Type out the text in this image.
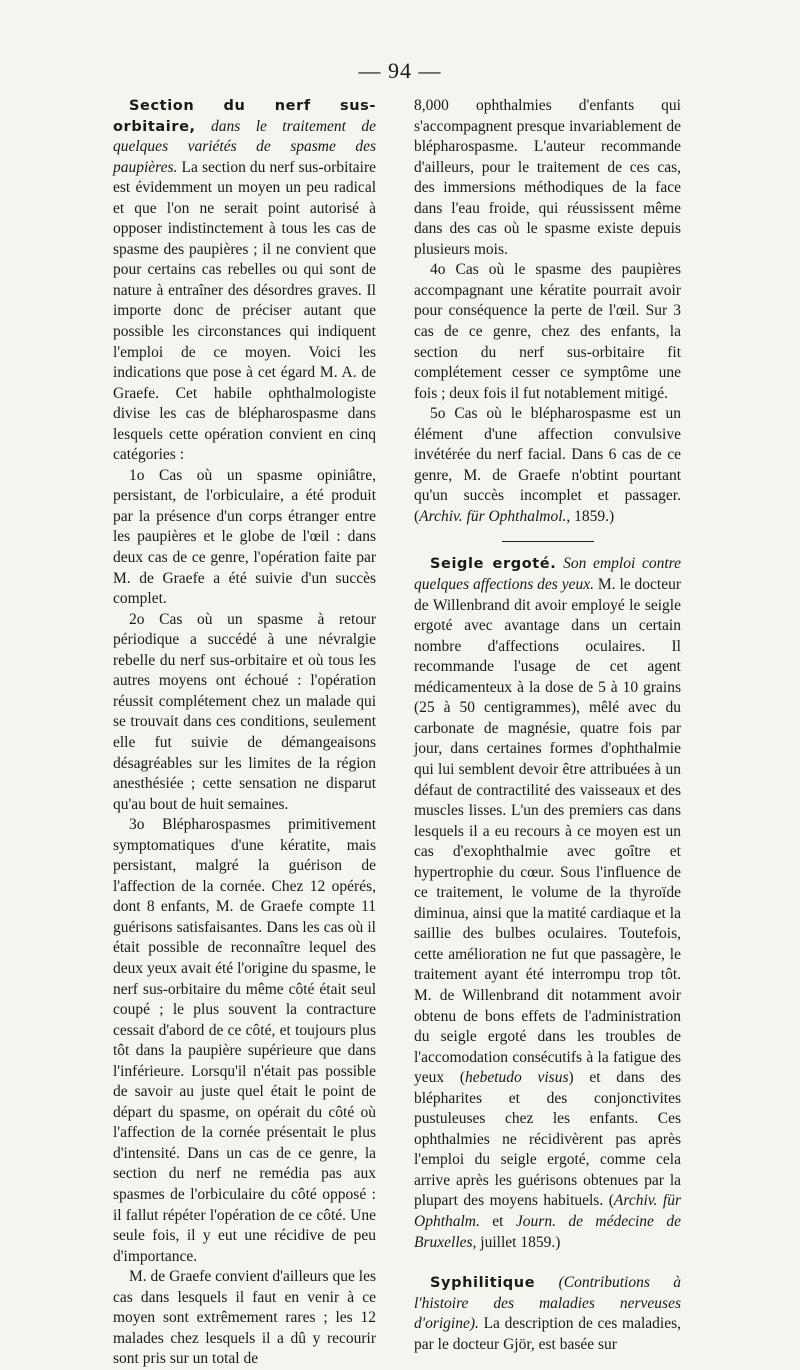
— 94 —

Section du nerf sus-orbitaire, dans le traitement de quelques variétés de spasme des paupières. La section du nerf sus-orbitaire est évidemment un moyen un peu radical et que l'on ne serait point autorisé à opposer indistinctement à tous les cas de spasme des paupières ; il ne convient que pour certains cas rebelles ou qui sont de nature à entraîner des désordres graves. Il importe donc de préciser autant que possible les circonstances qui indiquent l'emploi de ce moyen. Voici les indications que pose à cet égard M. A. de Graefe. Cet habile ophthalmologiste divise les cas de blépharospasme dans lesquels cette opération convient en cinq catégories :

1o Cas où un spasme opiniâtre, persistant, de l'orbiculaire, a été produit par la présence d'un corps étranger entre les paupières et le globe de l'œil : dans deux cas de ce genre, l'opération faite par M. de Graefe a été suivie d'un succès complet.

2o Cas où un spasme à retour périodique a succédé à une névralgie rebelle du nerf sus-orbitaire et où tous les autres moyens ont échoué : l'opération réussit complétement chez un malade qui se trouvait dans ces conditions, seulement elle fut suivie de démangeaisons désagréables sur les limites de la région anesthésiée ; cette sensation ne disparut qu'au bout de huit semaines.

3o Blépharospasmes primitivement symptomatiques d'une kératite, mais persistant, malgré la guérison de l'affection de la cornée. Chez 12 opérés, dont 8 enfants, M. de Graefe compte 11 guérisons satisfaisantes. Dans les cas où il était possible de reconnaître lequel des deux yeux avait été l'origine du spasme, le nerf sus-orbitaire du même côté était seul coupé ; le plus souvent la contracture cessait d'abord de ce côté, et toujours plus tôt dans la paupière supérieure que dans l'inférieure. Lorsqu'il n'était pas possible de savoir au juste quel était le point de départ du spasme, on opérait du côté où l'affection de la cornée présentait le plus d'intensité. Dans un cas de ce genre, la section du nerf ne remédia pas aux spasmes de l'orbiculaire du côté opposé : il fallut répéter l'opération de ce côté. Une seule fois, il y eut une récidive de peu d'importance.

M. de Graefe convient d'ailleurs que les cas dans lesquels il faut en venir à ce moyen sont extrêmement rares ; les 12 malades chez lesquels il a dû y recourir sont pris sur un total de

8,000 ophthalmies d'enfants qui s'accompagnent presque invariablement de blépharospasme. L'auteur recommande d'ailleurs, pour le traitement de ces cas, des immersions méthodiques de la face dans l'eau froide, qui réussissent même dans des cas où le spasme existe depuis plusieurs mois.

4o Cas où le spasme des paupières accompagnant une kératite pourrait avoir pour conséquence la perte de l'œil. Sur 3 cas de ce genre, chez des enfants, la section du nerf sus-orbitaire fit complétement cesser ce symptôme une fois ; deux fois il fut notablement mitigé.

5o Cas où le blépharospasme est un élément d'une affection convulsive invétérée du nerf facial. Dans 6 cas de ce genre, M. de Graefe n'obtint pourtant qu'un succès incomplet et passager. (Archiv. für Ophthalmol., 1859.)

Seigle ergoté. Son emploi contre quelques affections des yeux. M. le docteur de Willenbrand dit avoir employé le seigle ergoté avec avantage dans un certain nombre d'affections oculaires. Il recommande l'usage de cet agent médicamenteux à la dose de 5 à 10 grains (25 à 50 centigrammes), mêlé avec du carbonate de magnésie, quatre fois par jour, dans certaines formes d'ophthalmie qui lui semblent devoir être attribuées à un défaut de contractilité des vaisseaux et des muscles lisses. L'un des premiers cas dans lesquels il a eu recours à ce moyen est un cas d'exophthalmie avec goître et hypertrophie du cœur. Sous l'influence de ce traitement, le volume de la thyroïde diminua, ainsi que la matité cardiaque et la saillie des bulbes oculaires. Toutefois, cette amélioration ne fut que passagère, le traitement ayant été interrompu trop tôt. M. de Willenbrand dit notamment avoir obtenu de bons effets de l'administration du seigle ergoté dans les troubles de l'accomodation consécutifs à la fatigue des yeux (hebetudo visus) et dans des blépharites et des conjonctivites pustuleuses chez les enfants. Ces ophthalmies ne récidivèrent pas après l'emploi du seigle ergoté, comme cela arrive après les guérisons obtenues par la plupart des moyens habituels. (Archiv. für Ophthalm. et Journ. de médecine de Bruxelles, juillet 1859.)

Syphilitique (Contributions à l'histoire des maladies nerveuses d'origine). La description de ces maladies, par le docteur Gjör, est basée sur
